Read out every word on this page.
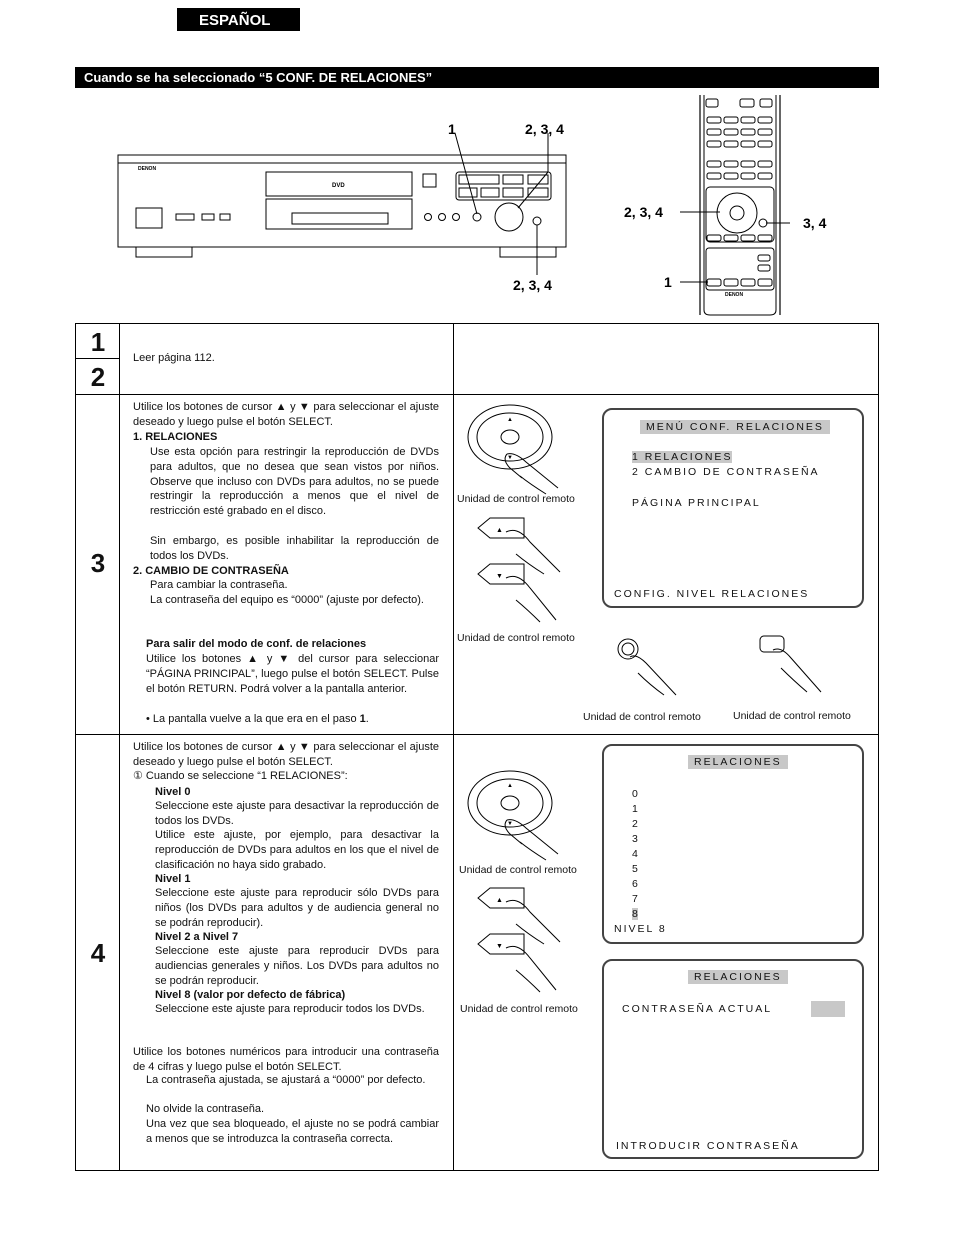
ESPAÑOL
Cuando se ha seleccionado “5 CONF. DE RELACIONES”
DENON
DVD
1	2, 3, 4
2, 3, 4
DENON
2, 3, 4
3, 4
1
1
2
3
4
Leer página 112.
Utilice los botones de cursor ▲ y ▼ para seleccionar el ajuste deseado y luego pulse el botón SELECT.
1. RELACIONES
Use esta opción para restringir la reproducción de DVDs para adultos, que no desea que sean vistos por niños. Observe que incluso con DVDs para adultos, no se puede restringir la reproducción a menos que el nivel de restricción esté grabado en el disco.
Sin embargo, es posible inhabilitar la reproducción de todos los DVDs.
2. CAMBIO DE CONTRASEÑA
Para cambiar la contraseña.
La contraseña del equipo es “0000” (ajuste por defecto).
Para salir del modo de conf. de relaciones
Utilice los botones ▲ y ▼ del cursor para seleccionar “PÁGINA PRINCIPAL”, luego pulse el botón SELECT. Pulse el botón RETURN. Podrá volver a la pantalla anterior.
• La pantalla vuelve a la que era en el paso 1.
▲
▼
Unidad de control remoto
▲
▼
Unidad de control remoto
Unidad de control remoto	Unidad de control remoto
MENÚ CONF. RELACIONES
1 RELACIONES
2 CAMBIO DE CONTRASEÑA
PÁGINA PRINCIPAL
CONFIG. NIVEL RELACIONES
Utilice los botones de cursor ▲ y ▼ para seleccionar el ajuste deseado y luego pulse el botón SELECT.
① Cuando se seleccione “1 RELACIONES”:
Nivel 0
Seleccione este ajuste para desactivar la reproducción de todos los DVDs.
Utilice este ajuste, por ejemplo, para desactivar la reproducción de DVDs para adultos en los que el nivel de clasificación no haya sido grabado.
Nivel 1
Seleccione este ajuste para reproducir sólo DVDs para niños (los DVDs para adultos y de audiencia general no se podrán reproducir).
Nivel 2 a Nivel 7
Seleccione este ajuste para reproducir DVDs para audiencias generales y niños. Los DVDs para adultos no se podrán reproducir.
Nivel 8 (valor por defecto de fábrica)
Seleccione este ajuste para reproducir todos los DVDs.
Utilice los botones numéricos para introducir una contraseña de 4 cifras y luego pulse el botón SELECT.
La contraseña ajustada, se ajustará a “0000” por defecto.
No olvide la contraseña.
Una vez que sea bloqueado, el ajuste no se podrá cambiar a menos que se introduzca la contraseña correcta.
▲
▼
Unidad de control remoto
▲
▼
Unidad de control remoto
RELACIONES
0
1
2
3
4
5
6
7
8
NIVEL 8
RELACIONES
CONTRASEÑA ACTUAL
INTRODUCIR CONTRASEÑA
